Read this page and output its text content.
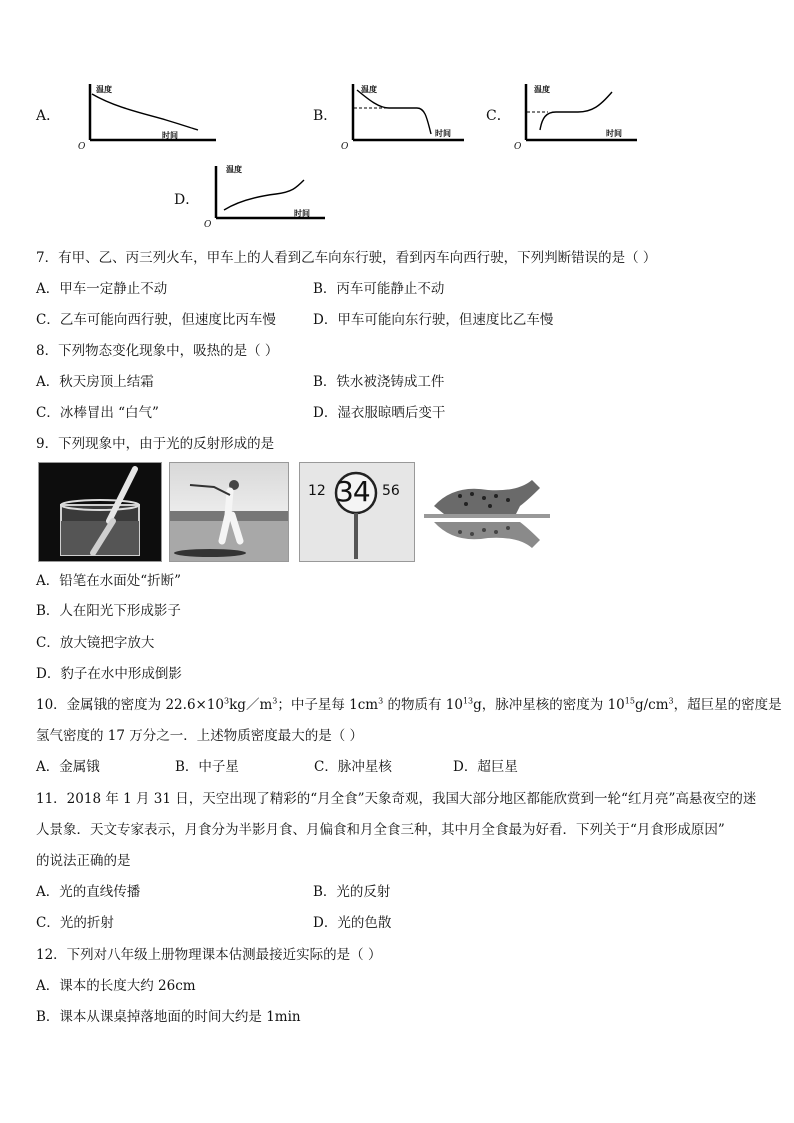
A．
温度
时间
O
B．
温度
时间
O
C．
温度
时间
O
D．
温度
时间
O
7．有甲、乙、丙三列火车，甲车上的人看到乙车向东行驶，看到丙车向西行驶，下列判断错误的是（ ）
A．甲车一定静止不动	B．丙车可能静止不动
C．乙车可能向西行驶，但速度比丙车慢	D．甲车可能向东行驶，但速度比乙车慢
8．下列物态变化现象中，吸热的是（ ）
A．秋天房顶上结霜	B．铁水被浇铸成工件
C．冰棒冒出 “白气”	D．湿衣服晾晒后变干
9．下列现象中，由于光的反射形成的是
12 34 56
A．铅笔在水面处“折断”
B．人在阳光下形成影子
C．放大镜把字放大
D．豹子在水中形成倒影
10．金属锇的密度为 $22.6\times 10^3kg/m^3$；中子星每 $1cm^3$ 的物质有 $10^{13}g$，脉冲星核的密度为 $10^{15}g/cm^3$，超巨星的密度是
氢气密度的 17 万分之一．上述物质密度最大的是（ ）
A．金属锇	B．中子星	C．脉冲星核	D．超巨星
11．2018 年 1 月 31 日，天空出现了精彩的“月全食”天象奇观，我国大部分地区都能欣赏到一轮“红月亮”高悬夜空的迷
人景象．天文专家表示，月食分为半影月食、月偏食和月全食三种，其中月全食最为好看．下列关于“月食形成原因”
的说法正确的是
A．光的直线传播	B．光的反射
C．光的折射	D．光的色散
12．下列对八年级上册物理课本估测最接近实际的是（ ）
A．课本的长度大约 26cm
B．课本从课桌掉落地面的时间大约是 1min
